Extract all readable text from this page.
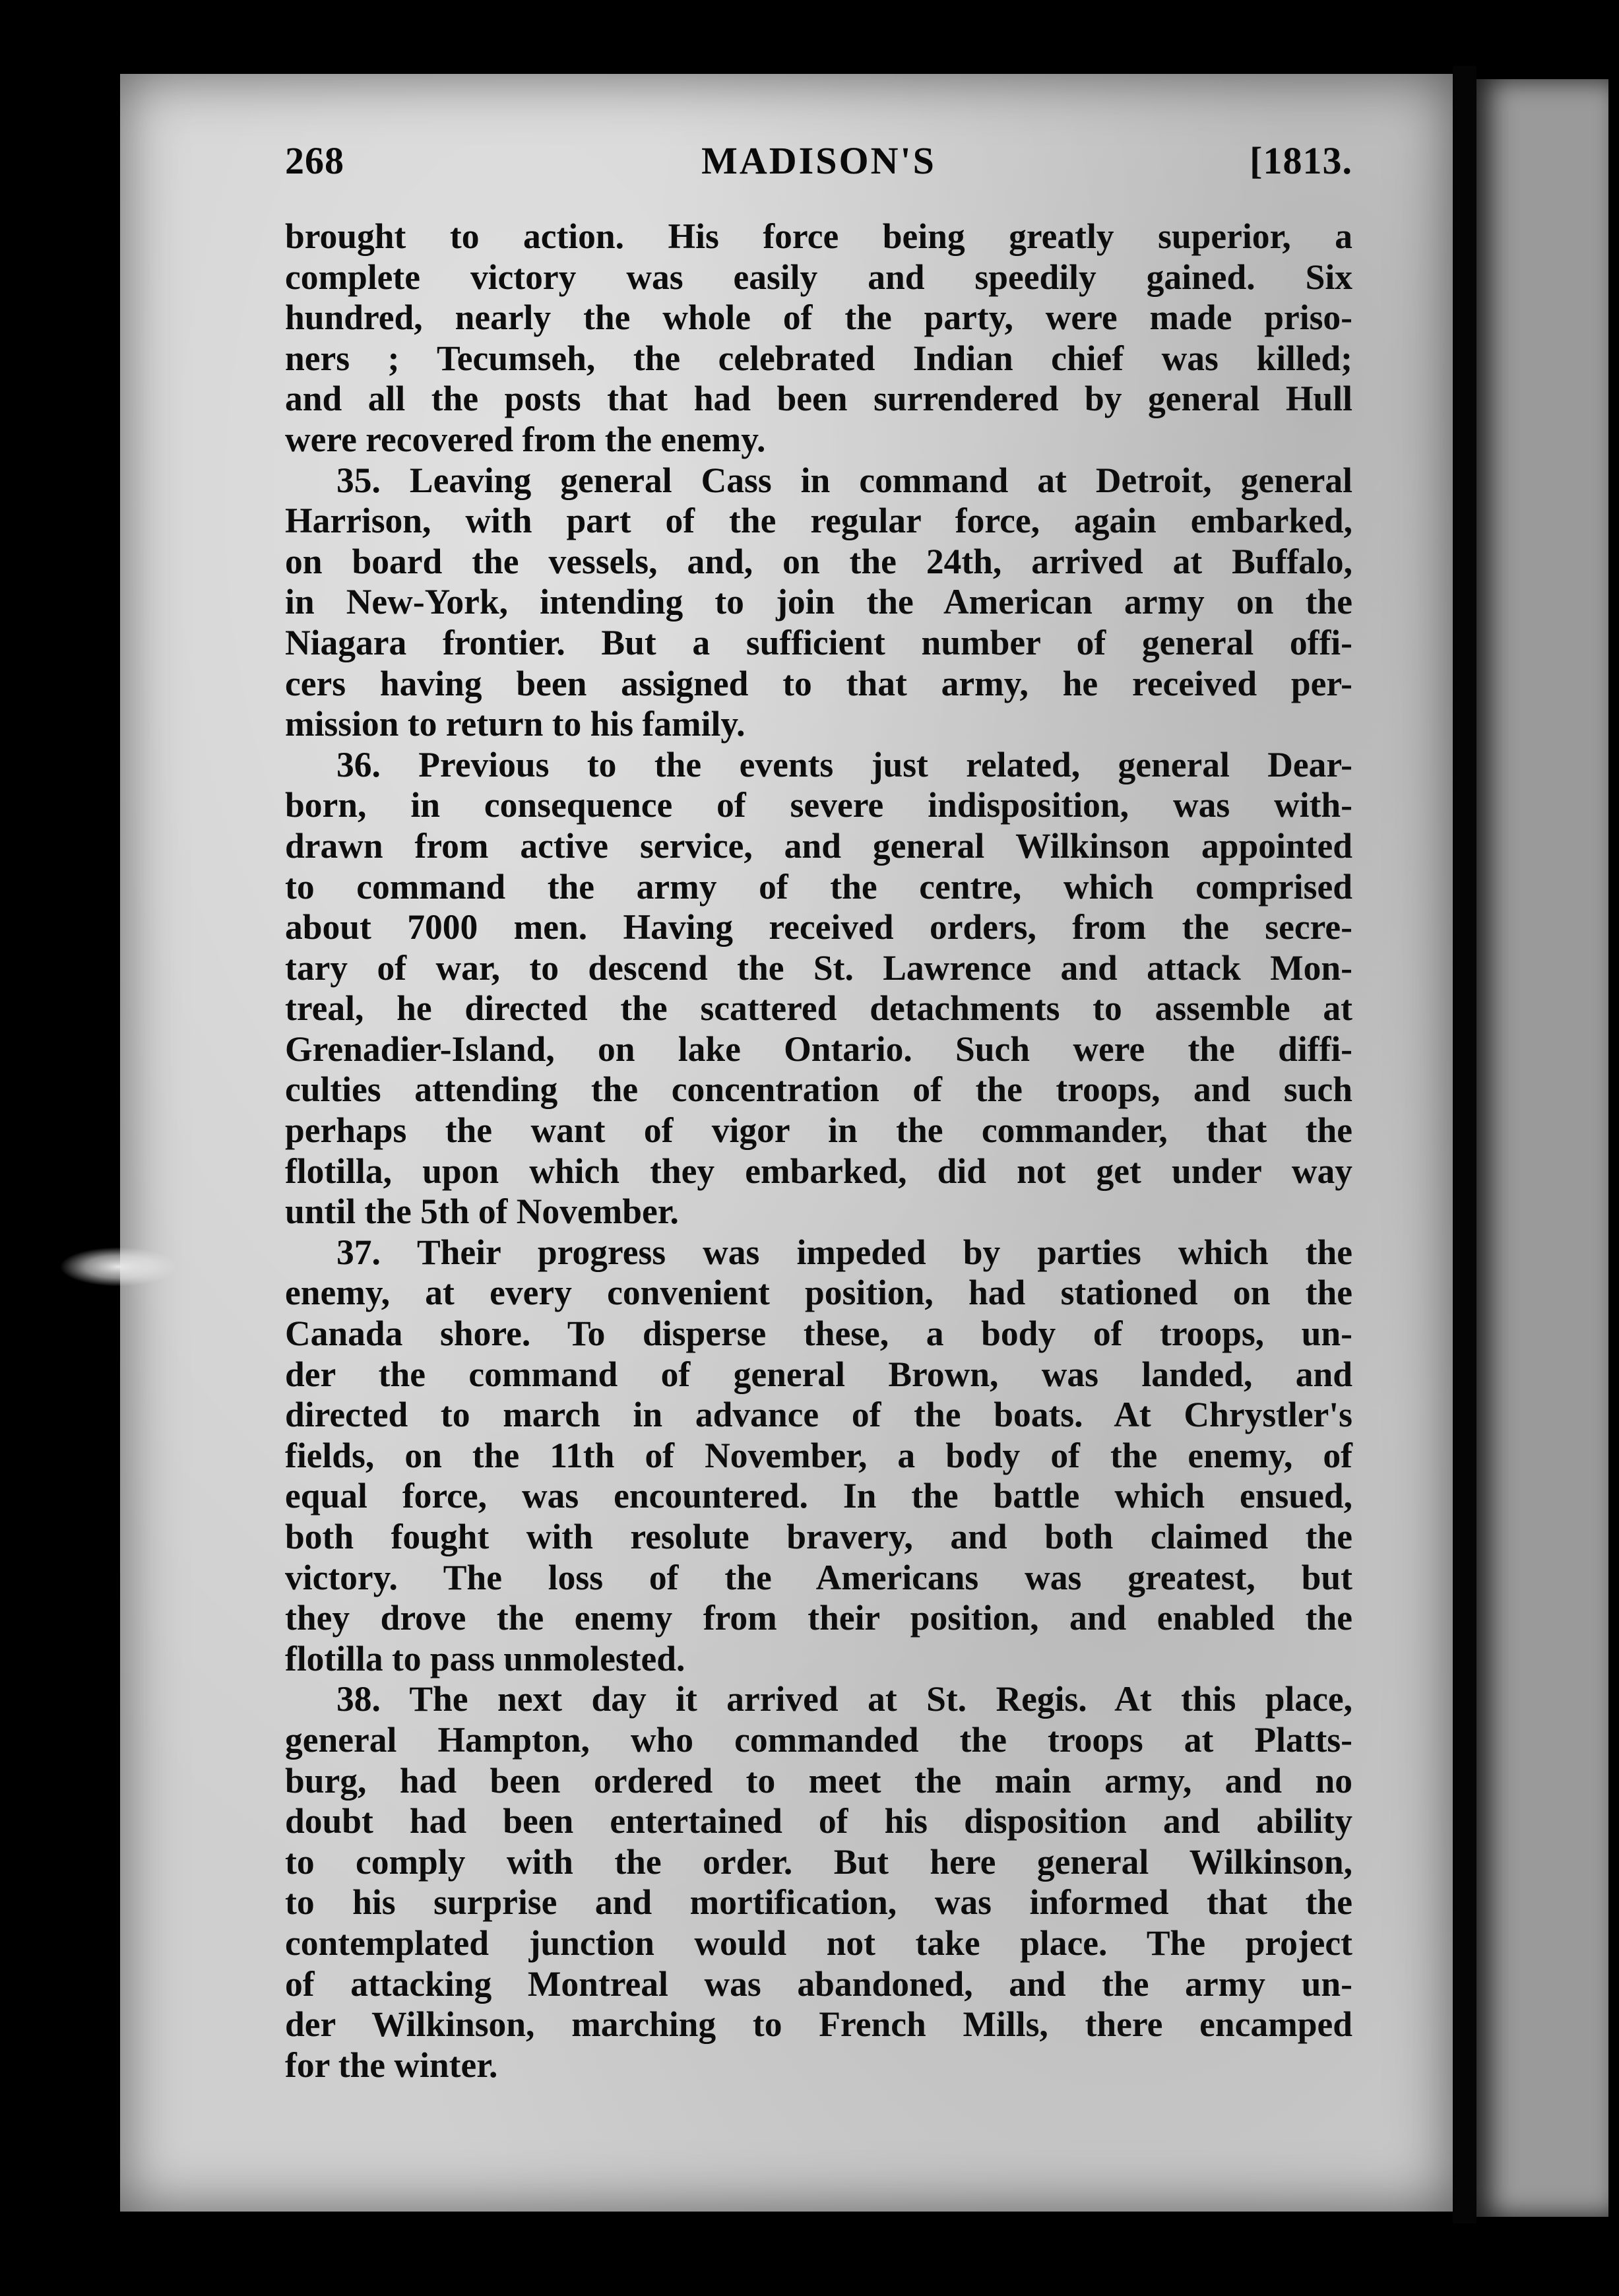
268	MADISON'S	[1813.
brought to action. His force being greatly superior, a
complete victory was easily and speedily gained. Six
hundred, nearly the whole of the party, were made priso-
ners ; Tecumseh, the celebrated Indian chief was killed;
and all the posts that had been surrendered by general Hull
were recovered from the enemy.
35. Leaving general Cass in command at Detroit, general
Harrison, with part of the regular force, again embarked,
on board the vessels, and, on the 24th, arrived at Buffalo,
in New-York, intending to join the American army on the
Niagara frontier. But a sufficient number of general offi-
cers having been assigned to that army, he received per-
mission to return to his family.
36. Previous to the events just related, general Dear-
born, in consequence of severe indisposition, was with-
drawn from active service, and general Wilkinson appointed
to command the army of the centre, which comprised
about 7000 men. Having received orders, from the secre-
tary of war, to descend the St. Lawrence and attack Mon-
treal, he directed the scattered detachments to assemble at
Grenadier-Island, on lake Ontario. Such were the diffi-
culties attending the concentration of the troops, and such
perhaps the want of vigor in the commander, that the
flotilla, upon which they embarked, did not get under way
until the 5th of November.
37. Their progress was impeded by parties which the
enemy, at every convenient position, had stationed on the
Canada shore. To disperse these, a body of troops, un-
der the command of general Brown, was landed, and
directed to march in advance of the boats. At Chrystler's
fields, on the 11th of November, a body of the enemy, of
equal force, was encountered. In the battle which ensued,
both fought with resolute bravery, and both claimed the
victory. The loss of the Americans was greatest, but
they drove the enemy from their position, and enabled the
flotilla to pass unmolested.
38. The next day it arrived at St. Regis. At this place,
general Hampton, who commanded the troops at Platts-
burg, had been ordered to meet the main army, and no
doubt had been entertained of his disposition and ability
to comply with the order. But here general Wilkinson,
to his surprise and mortification, was informed that the
contemplated junction would not take place. The project
of attacking Montreal was abandoned, and the army un-
der Wilkinson, marching to French Mills, there encamped
for the winter.
